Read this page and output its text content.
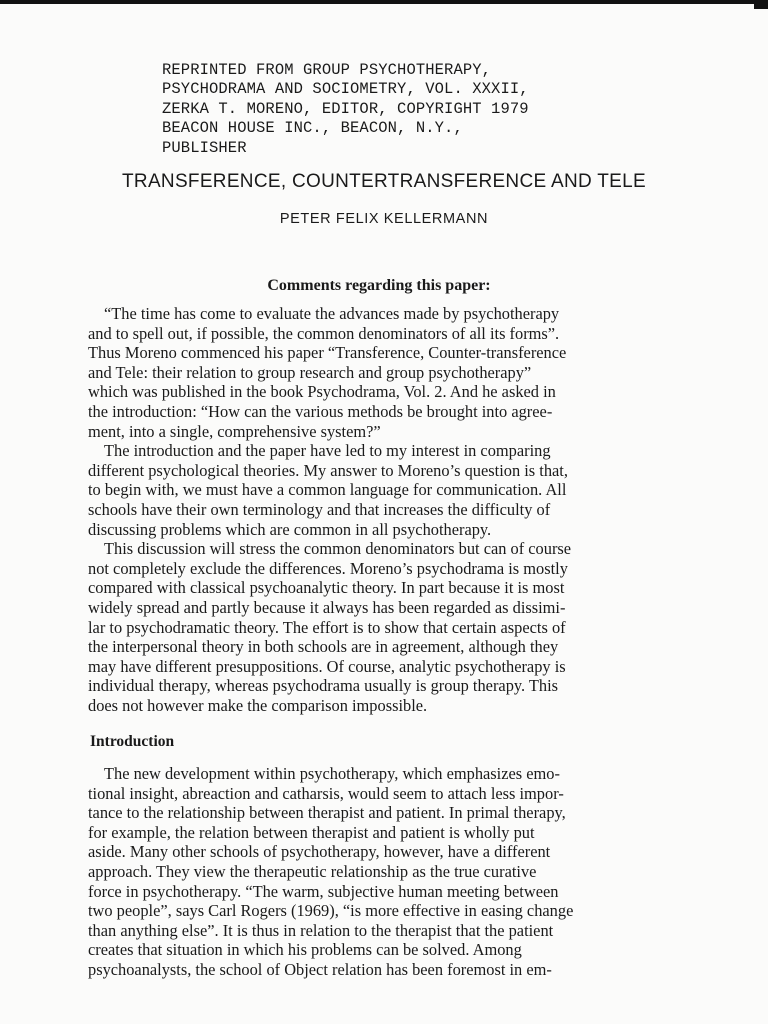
REPRINTED FROM GROUP PSYCHOTHERAPY,
PSYCHODRAMA AND SOCIOMETRY, VOL. XXXII,
ZERKA T. MORENO, EDITOR, COPYRIGHT 1979
BEACON HOUSE INC., BEACON, N.Y.,
PUBLISHER
TRANSFERENCE, COUNTERTRANSFERENCE AND TELE
PETER FELIX KELLERMANN
Comments regarding this paper:
“The time has come to evaluate the advances made by psychotherapy
and to spell out, if possible, the common denominators of all its forms”.
Thus Moreno commenced his paper “Transference, Counter-transference
and Tele: their relation to group research and group psychotherapy”
which was published in the book Psychodrama, Vol. 2. And he asked in
the introduction: “How can the various methods be brought into agree-
ment, into a single, comprehensive system?”
The introduction and the paper have led to my interest in comparing
different psychological theories. My answer to Moreno’s question is that,
to begin with, we must have a common language for communication. All
schools have their own terminology and that increases the difficulty of
discussing problems which are common in all psychotherapy.
This discussion will stress the common denominators but can of course
not completely exclude the differences. Moreno’s psychodrama is mostly
compared with classical psychoanalytic theory. In part because it is most
widely spread and partly because it always has been regarded as dissimi-
lar to psychodramatic theory. The effort is to show that certain aspects of
the interpersonal theory in both schools are in agreement, although they
may have different presuppositions. Of course, analytic psychotherapy is
individual therapy, whereas psychodrama usually is group therapy. This
does not however make the comparison impossible.
Introduction
The new development within psychotherapy, which emphasizes emo-
tional insight, abreaction and catharsis, would seem to attach less impor-
tance to the relationship between therapist and patient. In primal therapy,
for example, the relation between therapist and patient is wholly put
aside. Many other schools of psychotherapy, however, have a different
approach. They view the therapeutic relationship as the true curative
force in psychotherapy. “The warm, subjective human meeting between
two people”, says Carl Rogers (1969), “is more effective in easing change
than anything else”. It is thus in relation to the therapist that the patient
creates that situation in which his problems can be solved. Among
psychoanalysts, the school of Object relation has been foremost in em-
